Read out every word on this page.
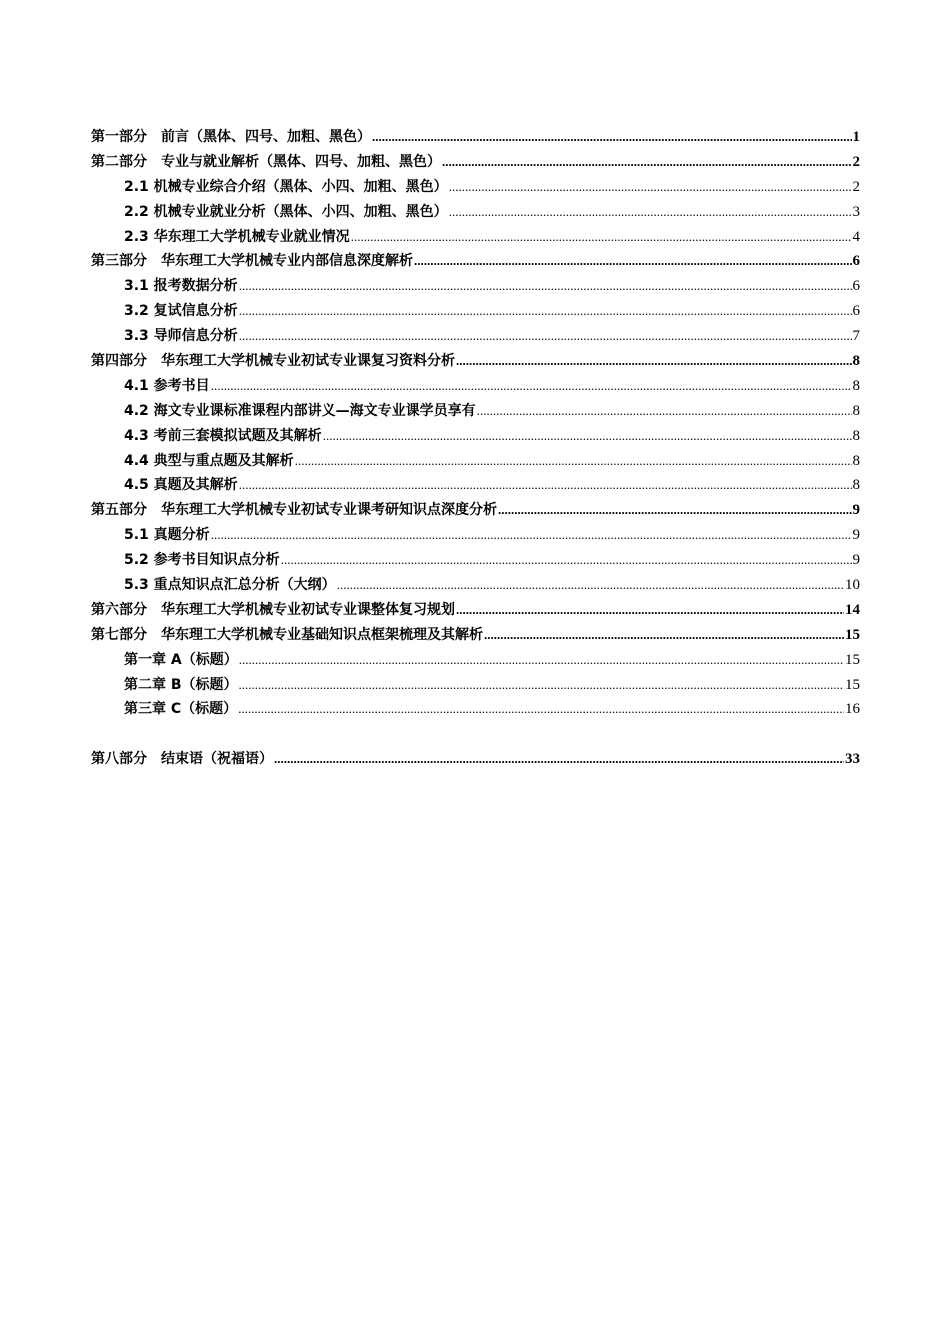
第一部分　前言（黑体、四号、加粗、黑色） .....	1
第二部分　专业与就业解析（黑体、四号、加粗、黑色） .....	2
2.1 机械专业综合介绍（黑体、小四、加粗、黑色） .....	2
2.2 机械专业就业分析（黑体、小四、加粗、黑色） .....	3
2.3 华东理工大学机械专业就业情况 .....	4
第三部分　华东理工大学机械专业内部信息深度解析 .....	6
3.1 报考数据分析 .....	6
3.2 复试信息分析 .....	6
3.3 导师信息分析 .....	7
第四部分　华东理工大学机械专业初试专业课复习资料分析 .....	8
4.1 参考书目 .....	8
4.2 海文专业课标准课程内部讲义—海文专业课学员享有 .....	8
4.3 考前三套模拟试题及其解析 .....	8
4.4 典型与重点题及其解析 .....	8
4.5 真题及其解析 .....	8
第五部分　华东理工大学机械专业初试专业课考研知识点深度分析 .....	9
5.1 真题分析 .....	9
5.2 参考书目知识点分析 .....	9
5.3 重点知识点汇总分析（大纲） .....	10
第六部分　华东理工大学机械专业初试专业课整体复习规划 .....	14
第七部分　华东理工大学机械专业基础知识点框架梳理及其解析 .....	15
第一章 A（标题） .....	15
第二章 B（标题） .....	15
第三章 C（标题） .....	16
第八部分　结束语（祝福语） .....	33
